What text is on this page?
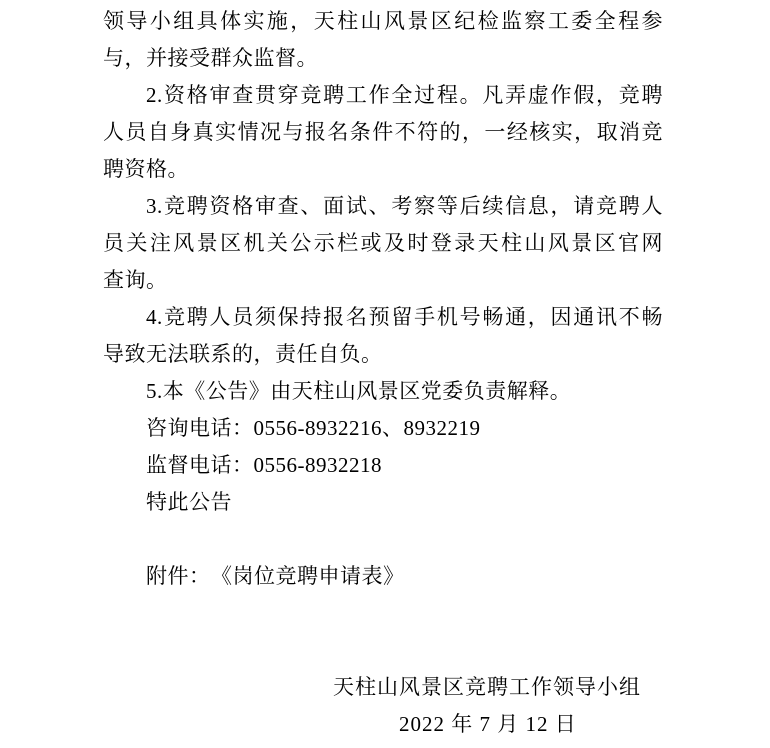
领导小组具体实施，天柱山风景区纪检监察工委全程参
与，并接受群众监督。
2.资格审查贯穿竞聘工作全过程。凡弄虚作假，竞聘
人员自身真实情况与报名条件不符的，一经核实，取消竞
聘资格。
3.竞聘资格审查、面试、考察等后续信息，请竞聘人
员关注风景区机关公示栏或及时登录天柱山风景区官网
查询。
4.竞聘人员须保持报名预留手机号畅通，因通讯不畅
导致无法联系的，责任自负。
5.本《公告》由天柱山风景区党委负责解释。
咨询电话：0556-8932216、8932219
监督电话：0556-8932218
特此公告
附件：　《岗位竞聘申请表》
天柱山风景区竞聘工作领导小组
2022 年 7 月 12 日
